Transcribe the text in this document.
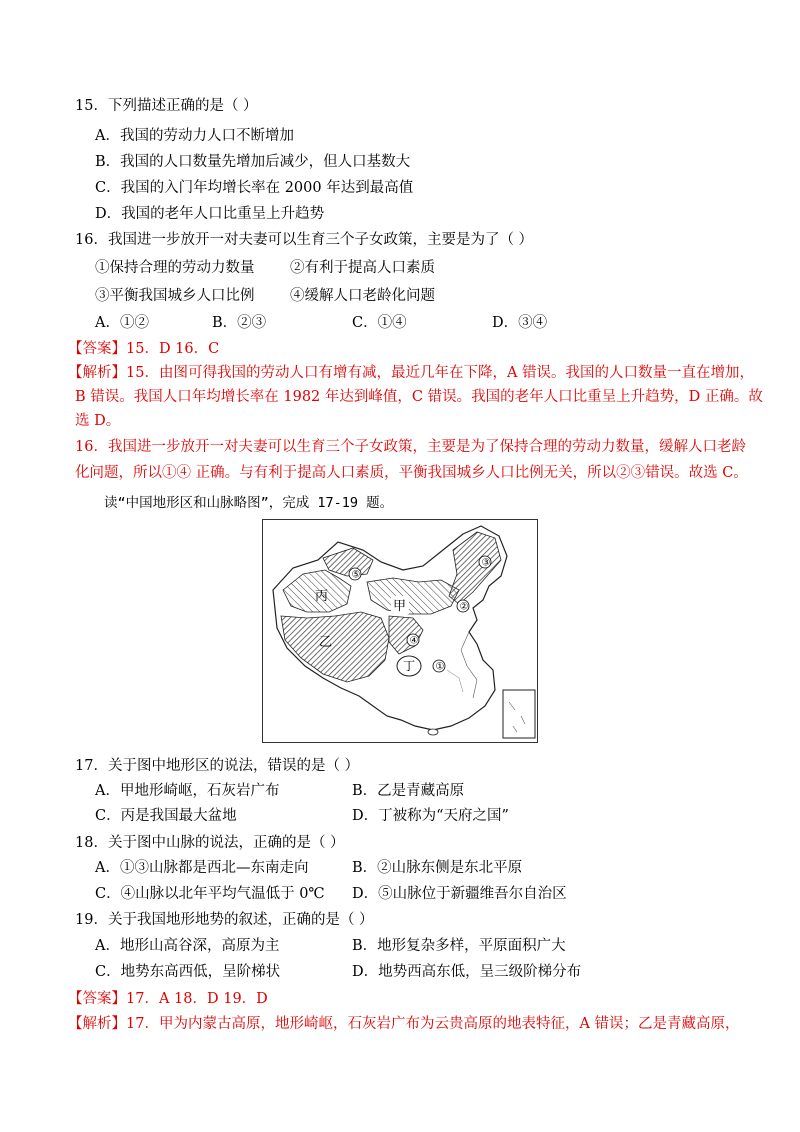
15．下列描述正确的是（ ）
A．我国的劳动力人口不断增加
B．我国的人口数量先增加后减少，但人口基数大
C．我国的入门年均增长率在 2000 年达到最高值
D．我国的老年人口比重呈上升趋势
16．我国进一步放开一对夫妻可以生育三个子女政策，主要是为了（ ）
①保持合理的劳动力数量 ②有利于提高人口素质
③平衡我国城乡人口比例 ④缓解人口老龄化问题
A．①②	B．②③	C．①④	D．③④
【答案】15．D 16．C
【解析】15．由图可得我国的劳动人口有增有减，最近几年在下降，A 错误。我国的人口数量一直在增加，
B 错误。我国人口年均增长率在 1982 年达到峰值，C 错误。我国的老年人口比重呈上升趋势，D 正确。故
选 D。
16．我国进一步放开一对夫妻可以生育三个子女政策，主要是为了保持合理的劳动力数量，缓解人口老龄
化问题，所以①④ 正确。与有利于提高人口素质，平衡我国城乡人口比例无关，所以②③错误。故选 C。
读“中国地形区和山脉略图”，完成 17-19 题。
⑤
丙
乙
甲
③
②
④
丁 ①
17．关于图中地形区的说法，错误的是（ ）
A．甲地形崎岖，石灰岩广布	B．乙是青藏高原
C．丙是我国最大盆地	D．丁被称为“天府之国”
18．关于图中山脉的说法，正确的是（ ）
A．①③山脉都是西北—东南走向	B．②山脉东侧是东北平原
C．④山脉以北年平均气温低于 0℃ D．⑤山脉位于新疆维吾尔自治区
19．关于我国地形地势的叙述，正确的是（ ）
A．地形山高谷深，高原为主	B．地形复杂多样，平原面积广大
C．地势东高西低，呈阶梯状	D．地势西高东低，呈三级阶梯分布
【答案】17．A 18．D 19．D
【解析】17．甲为内蒙古高原，地形崎岖，石灰岩广布为云贵高原的地表特征，A 错误；乙是青藏高原，
